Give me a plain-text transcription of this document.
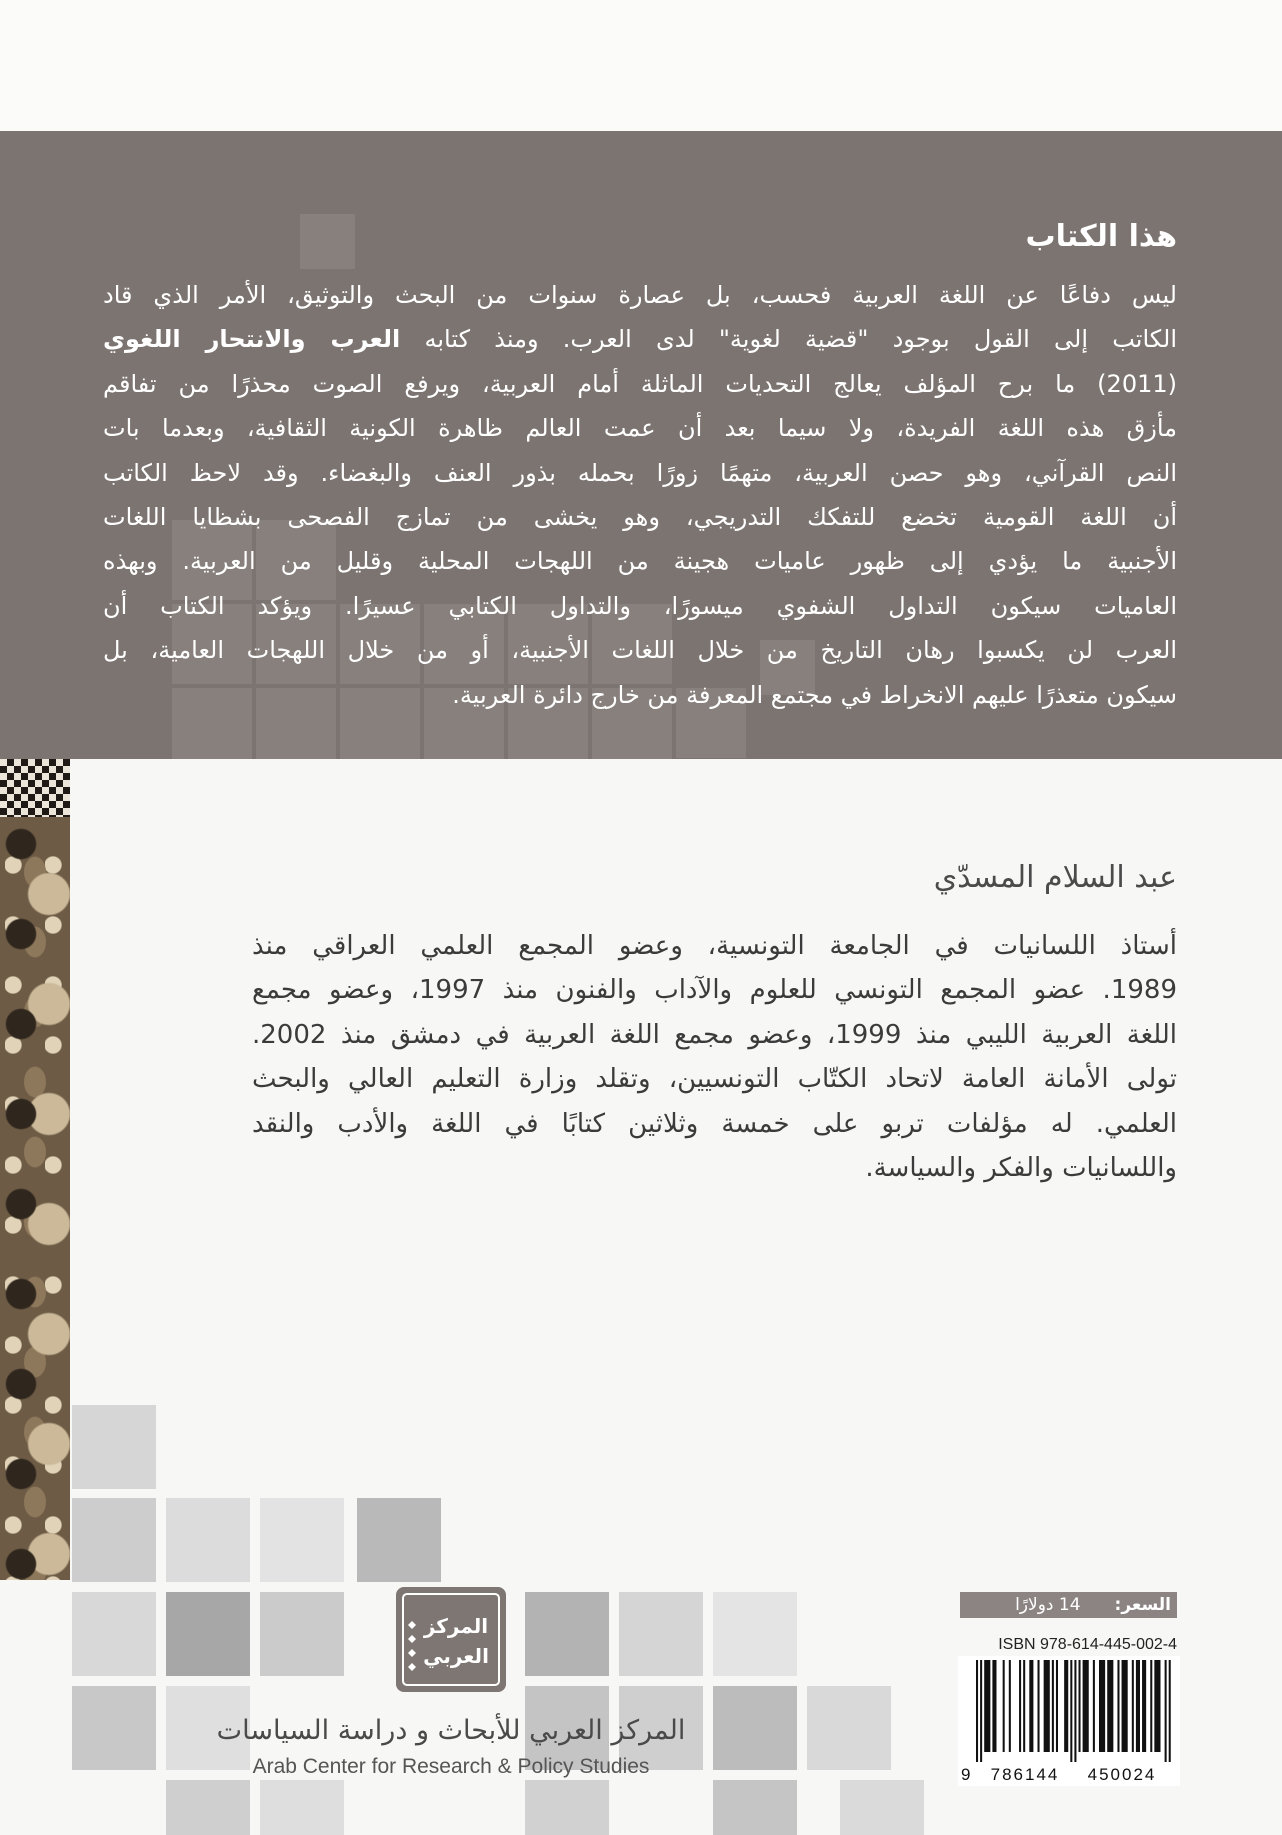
هذا الكتاب
ليس دفاعًا عن اللغة العربية فحسب، بل عصارة سنوات من البحث والتوثيق، الأمر الذي قاد
الكاتب إلى القول بوجود "قضية لغوية" لدى العرب. ومنذ كتابه العرب والانتحار اللغوي
(2011) ما برح المؤلف يعالج التحديات الماثلة أمام العربية، ويرفع الصوت محذرًا من تفاقم
مأزق هذه اللغة الفريدة، ولا سيما بعد أن عمت العالم ظاهرة الكونية الثقافية، وبعدما بات
النص القرآني، وهو حصن العربية، متهمًا زورًا بحمله بذور العنف والبغضاء. وقد لاحظ الكاتب
أن اللغة القومية تخضع للتفكك التدريجي، وهو يخشى من تمازج الفصحى بشظايا اللغات
الأجنبية ما يؤدي إلى ظهور عاميات هجينة من اللهجات المحلية وقليل من العربية. وبهذه
العاميات سيكون التداول الشفوي ميسورًا، والتداول الكتابي عسيرًا. ويؤكد الكتاب أن
العرب لن يكسبوا رهان التاريخ من خلال اللغات الأجنبية، أو من خلال اللهجات العامية، بل
سيكون متعذرًا عليهم الانخراط في مجتمع المعرفة من خارج دائرة العربية.
عبد السلام المسدّي
أستاذ اللسانيات في الجامعة التونسية، وعضو المجمع العلمي العراقي منذ
1989. عضو المجمع التونسي للعلوم والآداب والفنون منذ 1997، وعضو مجمع
اللغة العربية الليبي منذ 1999، وعضو مجمع اللغة العربية في دمشق منذ 2002.
تولى الأمانة العامة لاتحاد الكتّاب التونسيين، وتقلد وزارة التعليم العالي والبحث
العلمي. له مؤلفات تربو على خمسة وثلاثين كتابًا في اللغة والأدب والنقد
واللسانيات والفكر والسياسة.
المركز
العربي
المركز العربي للأبحاث و دراسة السياسات
Arab Center for Research & Policy Studies
السعر:
14 دولارًا
ISBN 978-614-445-002-4
9 786144 450024
